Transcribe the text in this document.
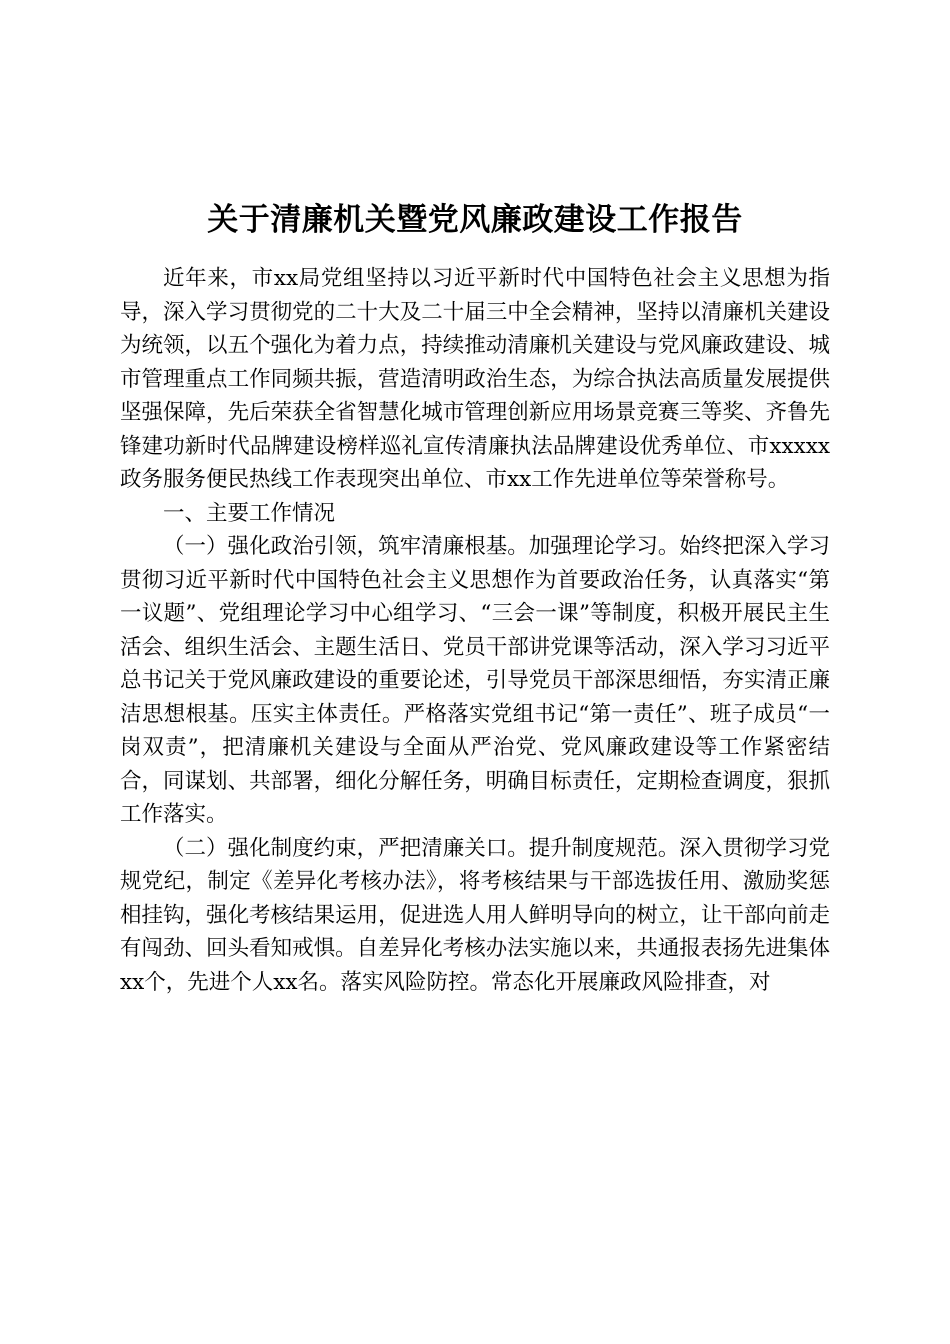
关于清廉机关暨党风廉政建设工作报告

近年来，市xx局党组坚持以习近平新时代中国特色社会主义思想为指导，深入学习贯彻党的二十大及二十届三中全会精神，坚持以清廉机关建设为统领，以五个强化为着力点，持续推动清廉机关建设与党风廉政建设、城市管理重点工作同频共振，营造清明政治生态，为综合执法高质量发展提供坚强保障，先后荣获全省智慧化城市管理创新应用场景竞赛三等奖、齐鲁先锋建功新时代品牌建设榜样巡礼宣传清廉执法品牌建设优秀单位、市xxxxx政务服务便民热线工作表现突出单位、市xx工作先进单位等荣誉称号。

一、主要工作情况

（一）强化政治引领，筑牢清廉根基。加强理论学习。始终把深入学习贯彻习近平新时代中国特色社会主义思想作为首要政治任务，认真落实“第一议题”、党组理论学习中心组学习、“三会一课”等制度，积极开展民主生活会、组织生活会、主题生活日、党员干部讲党课等活动，深入学习习近平总书记关于党风廉政建设的重要论述，引导党员干部深思细悟，夯实清正廉洁思想根基。压实主体责任。严格落实党组书记“第一责任”、班子成员“一岗双责”，把清廉机关建设与全面从严治党、党风廉政建设等工作紧密结合，同谋划、共部署，细化分解任务，明确目标责任，定期检查调度，狠抓工作落实。

（二）强化制度约束，严把清廉关口。提升制度规范。深入贯彻学习党规党纪，制定《差异化考核办法》，将考核结果与干部选拔任用、激励奖惩相挂钩，强化考核结果运用，促进选人用人鲜明导向的树立，让干部向前走有闯劲、回头看知戒惧。自差异化考核办法实施以来，共通报表扬先进集体xx个，先进个人xx名。落实风险防控。常态化开展廉政风险排查，对
